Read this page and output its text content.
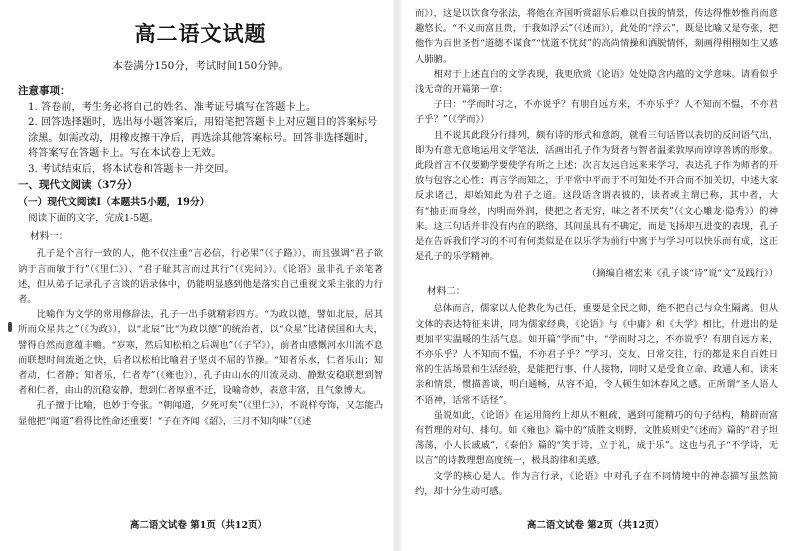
高二语文试题
本卷满分150分，考试时间150分钟。
注意事项：
1. 答卷前，考生务必将自己的姓名、准考证号填写在答题卡上。
2. 回答选择题时，选出每小题答案后，用铅笔把答题卡上对应题目的答案标号涂黑。如需改动，用橡皮擦干净后，再选涂其他答案标号。回答非选择题时，将答案写在答题卡上。写在本试卷上无效。
3. 考试结束后，将本试卷和答题卡一并交回。
一、现代文阅读（37分）
（一）现代文阅读Ⅰ（本题共5小题，19分）
阅读下面的文字，完成1-5题。
材料一：

孔子是个言行一致的人，他不仅注重“言必信，行必果”（《子路》），而且强调“君子欲讷于言而敏于行”（《里仁》）、“君子耻其言而过其行”（《宪问》）。《论语》虽非孔子亲笔著述，但从弟子记录孔子言谈的语录体中，仍能明显感到他是落实自己重视文采主张的力行者。

比喻作为文学的常用修辞法，孔子一出手就精彩四方。“为政以德，譬如北辰，居其所而众星共之”（《为政》），以“北辰”比“为政以德”的统治者，以“众星”比诸侯国和大夫，譬得自然而意蕴丰赡。“岁寒，然后知松柏之后凋也”（《子罕》），前者由感慨河水川流不息而联想时间流逝之快，后者以松柏比喻君子坚贞不屈的节操。“知者乐水，仁者乐山；知者动，仁者静；知者乐，仁者寿”（《雍也》），孔子由山水的川流灵动、静默安稳联想到智者和仁者，由山的沉稳安静，想到仁者厚重不迁，设喻奇妙，表意丰富，且气象博大。

孔子擅于比喻，也妙于夸张。“朝闻道，夕死可矣”（《里仁》），不说样夸饰，又怎能凸显他把“闻道”看得比性命还重要！“子在齐闻《韶》，三月不知肉味”（《述

高二语文试卷 第1页（共12页）

而》），这是以饮食夸张法，将他在齐国听赏韶乐后难以自拔的情景，传达得惟妙惟肖而意趣悠长。“不义而富且贵，于我如浮云”（《述而》），此处的“浮云”，既是比喻又是夸张，把他作为百世圣哲“道德不谋食”“忧道不忧贫”的高尚情操和洒脱情怀，刻画得栩栩如生又感人肺腑。

相对于上述直白的文学表现，我更欣赏《论语》处处隐含内蕴的文学意味。请看似乎浅无奇的开篇第一章：

子曰：“学而时习之，不亦说乎？有朋自远方来，不亦乐乎？人不知而不愠，不亦君子乎？”（《学而》）

且不说其此段分行排列，颇有诗的形式和意韵，就看三句话皆以表切的反问语气出，即为有意无意地运用文学笔法，活画出孔子作为贤者与智者温柔敦厚而谆谆善诱的形象。此段首言不仅要勤学要使学有所之上述；次言友远自远来来学习，表达孔子作为师者的开放与包容之心性；再言学而知之，于平常中平而于不可知处不开合而不加关切，中述大家反求诸己，却始知此为君子之道。这段话含谓表彼的，读者或主谓已称，其中者，大有“抽正而身丝，内明而外润，使把之者无穷，味之者不厌矣”（《文心雕龙·隐秀》）的神来。这三句话并非没有内在的联络，其间虽具有不确定，而是飞扬却互进变的表现，孔子是在告诉我们学习的不可有何类似是在以乐学为前行中寓于与学习可以快乐而有成，这正是孔子的乐学精神。

（摘编自褚宏来《孔子谈“诗”说“文”及践行》）
材料二：

总体而言，儒家以人伦教化为己任，重要是全民之师，绝不把自己与众生隔离。但从文体的表达特征来讲，同为儒家经典，《论语》与《中庸》和《大学》相比，什进出的是更加平实温暖的生活气息。如开篇“学而”中，“学而时习之，不亦说乎？有朋自远方来，不亦乐乎？人不知而不愠，不亦君子乎？”学习、交友、日常交往，行的都是来自百姓日常的生活场景和生活经验，是能把行事、什人接物，同时又是受食立命、政通人和、读来亲和情景，惯描善谈，明白通畅，从容不迫，令人顿生如沐春风之感。正所谓“圣人语人不语神，话常不话怪”。

虽说如此，《论语》在运用简约上却从不粗疏，遇到可能精巧的句子结构，精辟而富有哲理的对句、排句。如《雍也》篇中的“质胜文则野，文胜质则史”《述而》篇的“君子坦荡荡，小人长戚戚”，《泰伯》篇的“笑于诗，立于礼，成于乐”。这也与孔子“不学诗，无以言”的诗教理想高度统一，极具韵律和美感。

文学的核心是人。作为言行录，《论语》中对孔子在不同情境中的神态描写虽然简约，却十分生动可感。

高二语文试卷 第2页（共12页）
